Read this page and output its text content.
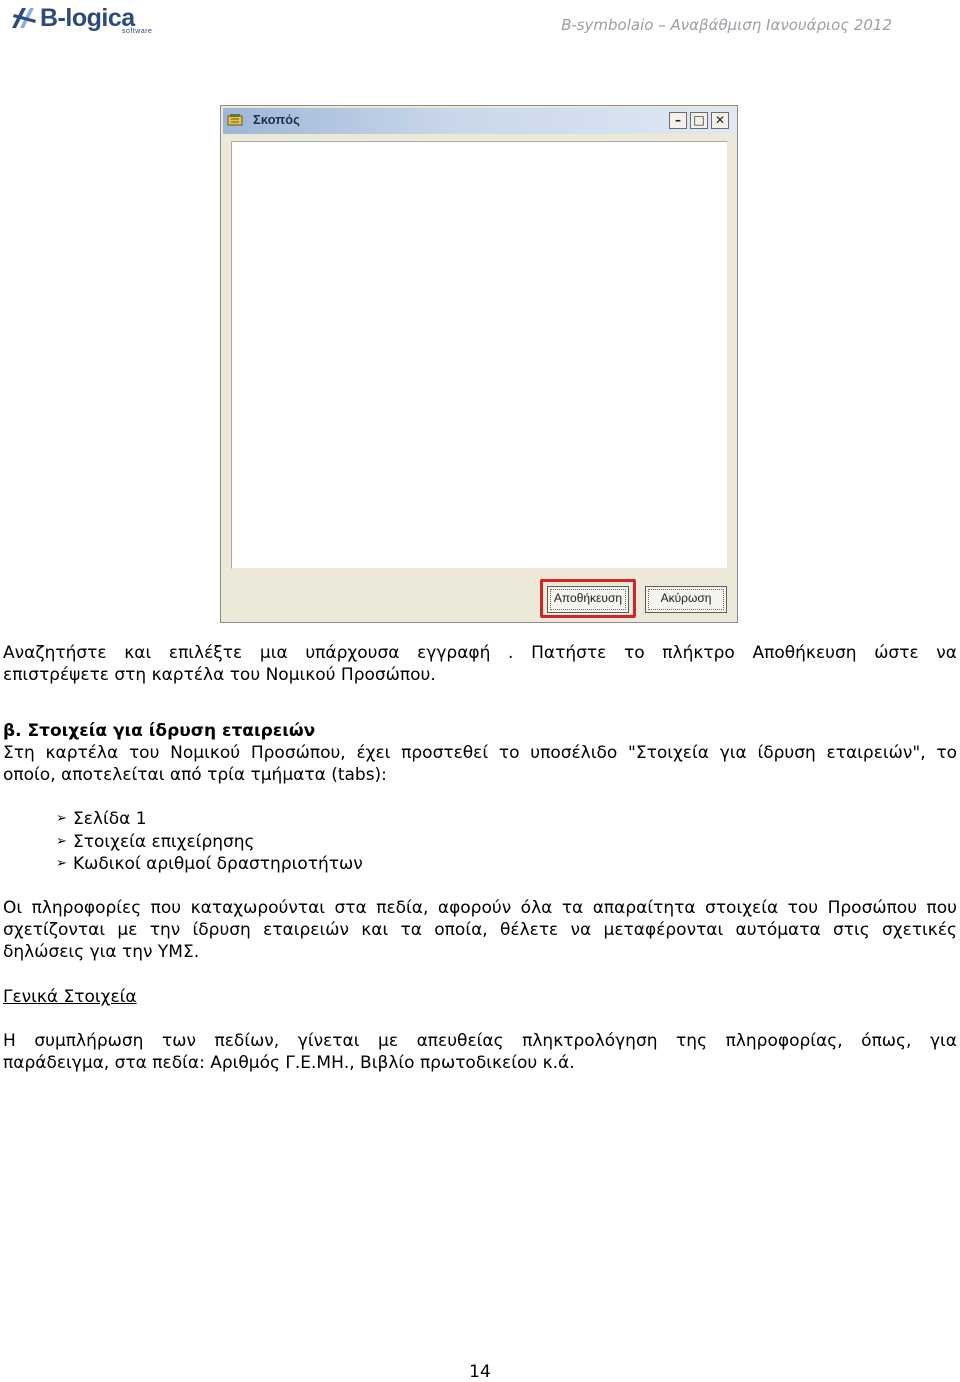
B-logica
software	B-symbolaio – Αναβάθμιση Ιανουάριος 2012
Σκοπός	–	□ ✕
Αποθήκευση	Ακύρωση
Αναζητήστε και επιλέξτε μια υπάρχουσα εγγραφή . Πατήστε το πλήκτρο Αποθήκευση ώστε να
επιστρέψετε στη καρτέλα του Νομικού Προσώπου.
β. Στοιχεία για ίδρυση εταιρειών
Στη καρτέλα του Νομικού Προσώπου, έχει προστεθεί το υποσέλιδο "Στοιχεία για ίδρυση εταιρειών", το
οποίο, αποτελείται από τρία τμήματα (tabs):
➢ Σελίδα 1
➢ Στοιχεία επιχείρησης
➢ Κωδικοί αριθμοί δραστηριοτήτων
Οι πληροφορίες που καταχωρούνται στα πεδία, αφορούν όλα τα απαραίτητα στοιχεία του Προσώπου που
σχετίζονται με την ίδρυση εταιρειών και τα οποία, θέλετε να μεταφέρονται αυτόματα στις σχετικές
δηλώσεις για την ΥΜΣ.
Γενικά Στοιχεία
Η συμπλήρωση των πεδίων, γίνεται με απευθείας πληκτρολόγηση της πληροφορίας, όπως, για
παράδειγμα, στα πεδία: Αριθμός Γ.Ε.ΜΗ., Βιβλίο πρωτοδικείου κ.ά.
14
